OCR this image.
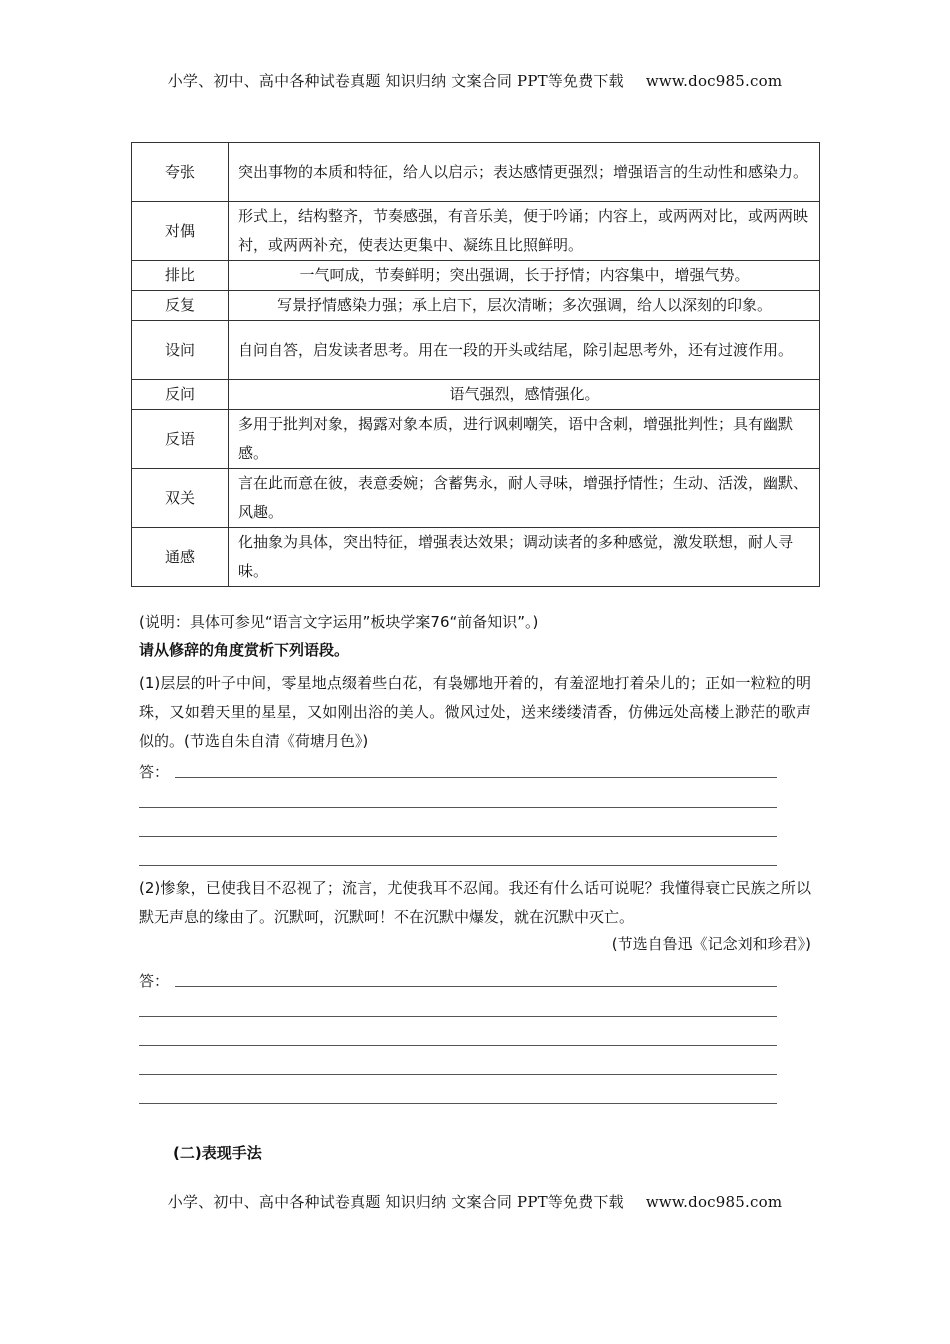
小学、初中、高中各种试卷真题 知识归纳 文案合同 PPT等免费下载 www.doc985.com
夸张	突出事物的本质和特征，给人以启示；表达感情更强烈；增强语言的生动性和感染力。
对偶	形式上，结构整齐，节奏感强，有音乐美，便于吟诵；内容上，或两两对比，或两两映衬，或两两补充，使表达更集中、凝练且比照鲜明。
排比	一气呵成，节奏鲜明；突出强调，长于抒情；内容集中，增强气势。
反复	写景抒情感染力强；承上启下，层次清晰；多次强调，给人以深刻的印象。
设问	自问自答，启发读者思考。用在一段的开头或结尾，除引起思考外，还有过渡作用。
反问	语气强烈，感情强化。
反语	多用于批判对象，揭露对象本质，进行讽刺嘲笑，语中含刺，增强批判性；具有幽默感。
双关	言在此而意在彼，表意委婉；含蓄隽永，耐人寻味，增强抒情性；生动、活泼，幽默、风趣。
通感	化抽象为具体，突出特征，增强表达效果；调动读者的多种感觉，激发联想，耐人寻味。
(说明：具体可参见“语言文字运用”板块学案76“前备知识”。)
请从修辞的角度赏析下列语段。
(1)层层的叶子中间，零星地点缀着些白花，有袅娜地开着的，有羞涩地打着朵儿的；正如一粒粒的明珠，又如碧天里的星星，又如刚出浴的美人。微风过处，送来缕缕清香，仿佛远处高楼上渺茫的歌声似的。(节选自朱自清《荷塘月色》)
答：
(2)惨象，已使我目不忍视了；流言，尤使我耳不忍闻。我还有什么话可说呢？我懂得衰亡民族之所以默无声息的缘由了。沉默呵，沉默呵！不在沉默中爆发，就在沉默中灭亡。
(节选自鲁迅《记念刘和珍君》)
答：
(二)表现手法
小学、初中、高中各种试卷真题 知识归纳 文案合同 PPT等免费下载 www.doc985.com
